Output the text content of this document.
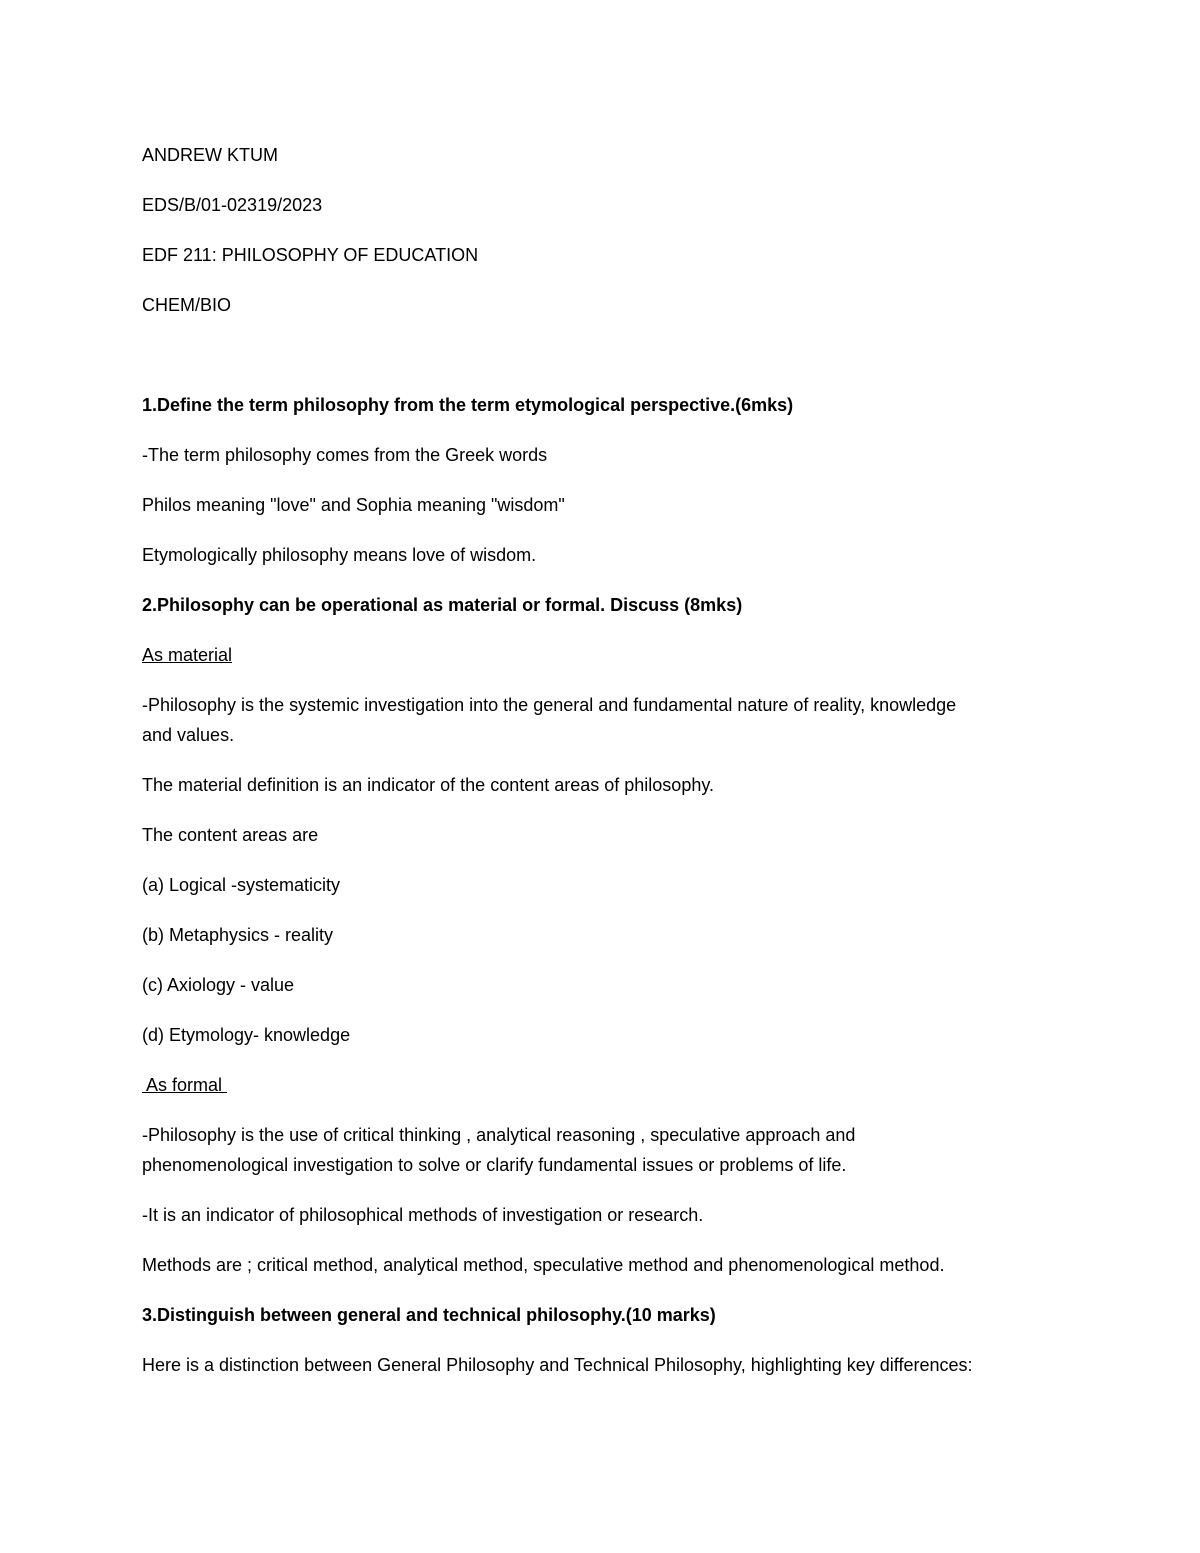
ANDREW KTUM
EDS/B/01-02319/2023
EDF 211: PHILOSOPHY OF EDUCATION
CHEM/BIO
1.Define the term philosophy from the term etymological perspective.(6mks)
-The term philosophy comes from the Greek words
Philos meaning "love" and Sophia meaning "wisdom"
Etymologically philosophy means love of wisdom.
2.Philosophy can be operational as material or formal. Discuss (8mks)
As material
-Philosophy is the systemic investigation into the general and fundamental nature of reality, knowledge
and values.
The material definition is an indicator of the content areas of philosophy.
The content areas are
(a) Logical -systematicity
(b) Metaphysics - reality
(c) Axiology - value
(d) Etymology- knowledge
As formal
-Philosophy is the use of critical thinking , analytical reasoning , speculative approach and
phenomenological investigation to solve or clarify fundamental issues or problems of life.
-It is an indicator of philosophical methods of investigation or research.
Methods are ; critical method, analytical method, speculative method and phenomenological method.
3.Distinguish between general and technical philosophy.(10 marks)
Here is a distinction between General Philosophy and Technical Philosophy, highlighting key differences:
